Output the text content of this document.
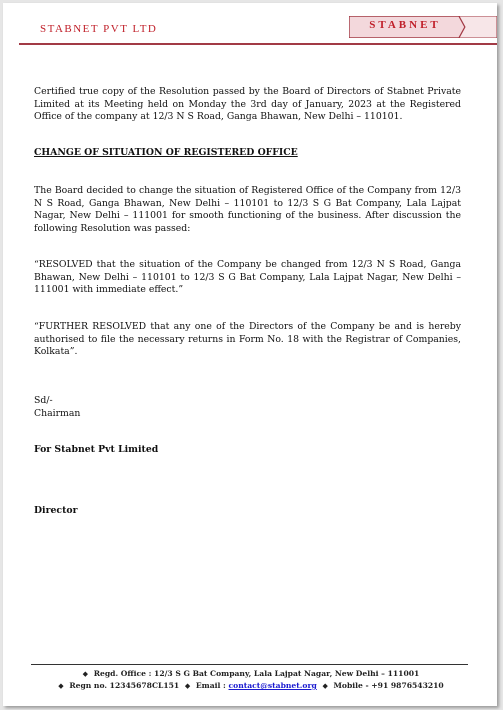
STABNET PVT LTD	STABNET
Certified true copy of the Resolution passed by the Board of Directors of Stabnet Private Limited at its Meeting held on Monday the 3rd day of January, 2023 at the Registered Office of the company at 12/3 N S Road, Ganga Bhawan, New Delhi – 110101.
CHANGE OF SITUATION OF REGISTERED OFFICE
The Board decided to change the situation of Registered Office of the Company from 12/3 N S Road, Ganga Bhawan, New Delhi – 110101 to 12/3 S G Bat Company, Lala Lajpat Nagar, New Delhi – 111001 for smooth functioning of the business. After discussion the following Resolution was passed:
“RESOLVED that the situation of the Company be changed from 12/3 N S Road, Ganga Bhawan, New Delhi – 110101 to 12/3 S G Bat Company, Lala Lajpat Nagar, New Delhi – 111001 with immediate effect.”
“FURTHER RESOLVED that any one of the Directors of the Company be and is hereby authorised to file the necessary returns in Form No. 18 with the Registrar of Companies, Kolkata”.
Sd/-
Chairman
For Stabnet Pvt Limited
Director
◆ Regd. Office : 12/3 S G Bat Company, Lala Lajpat Nagar, New Delhi – 111001
◆ Regn no. 12345678CL151 ◆ Email : contact@stabnet.org ◆ Mobile - +91 9876543210
